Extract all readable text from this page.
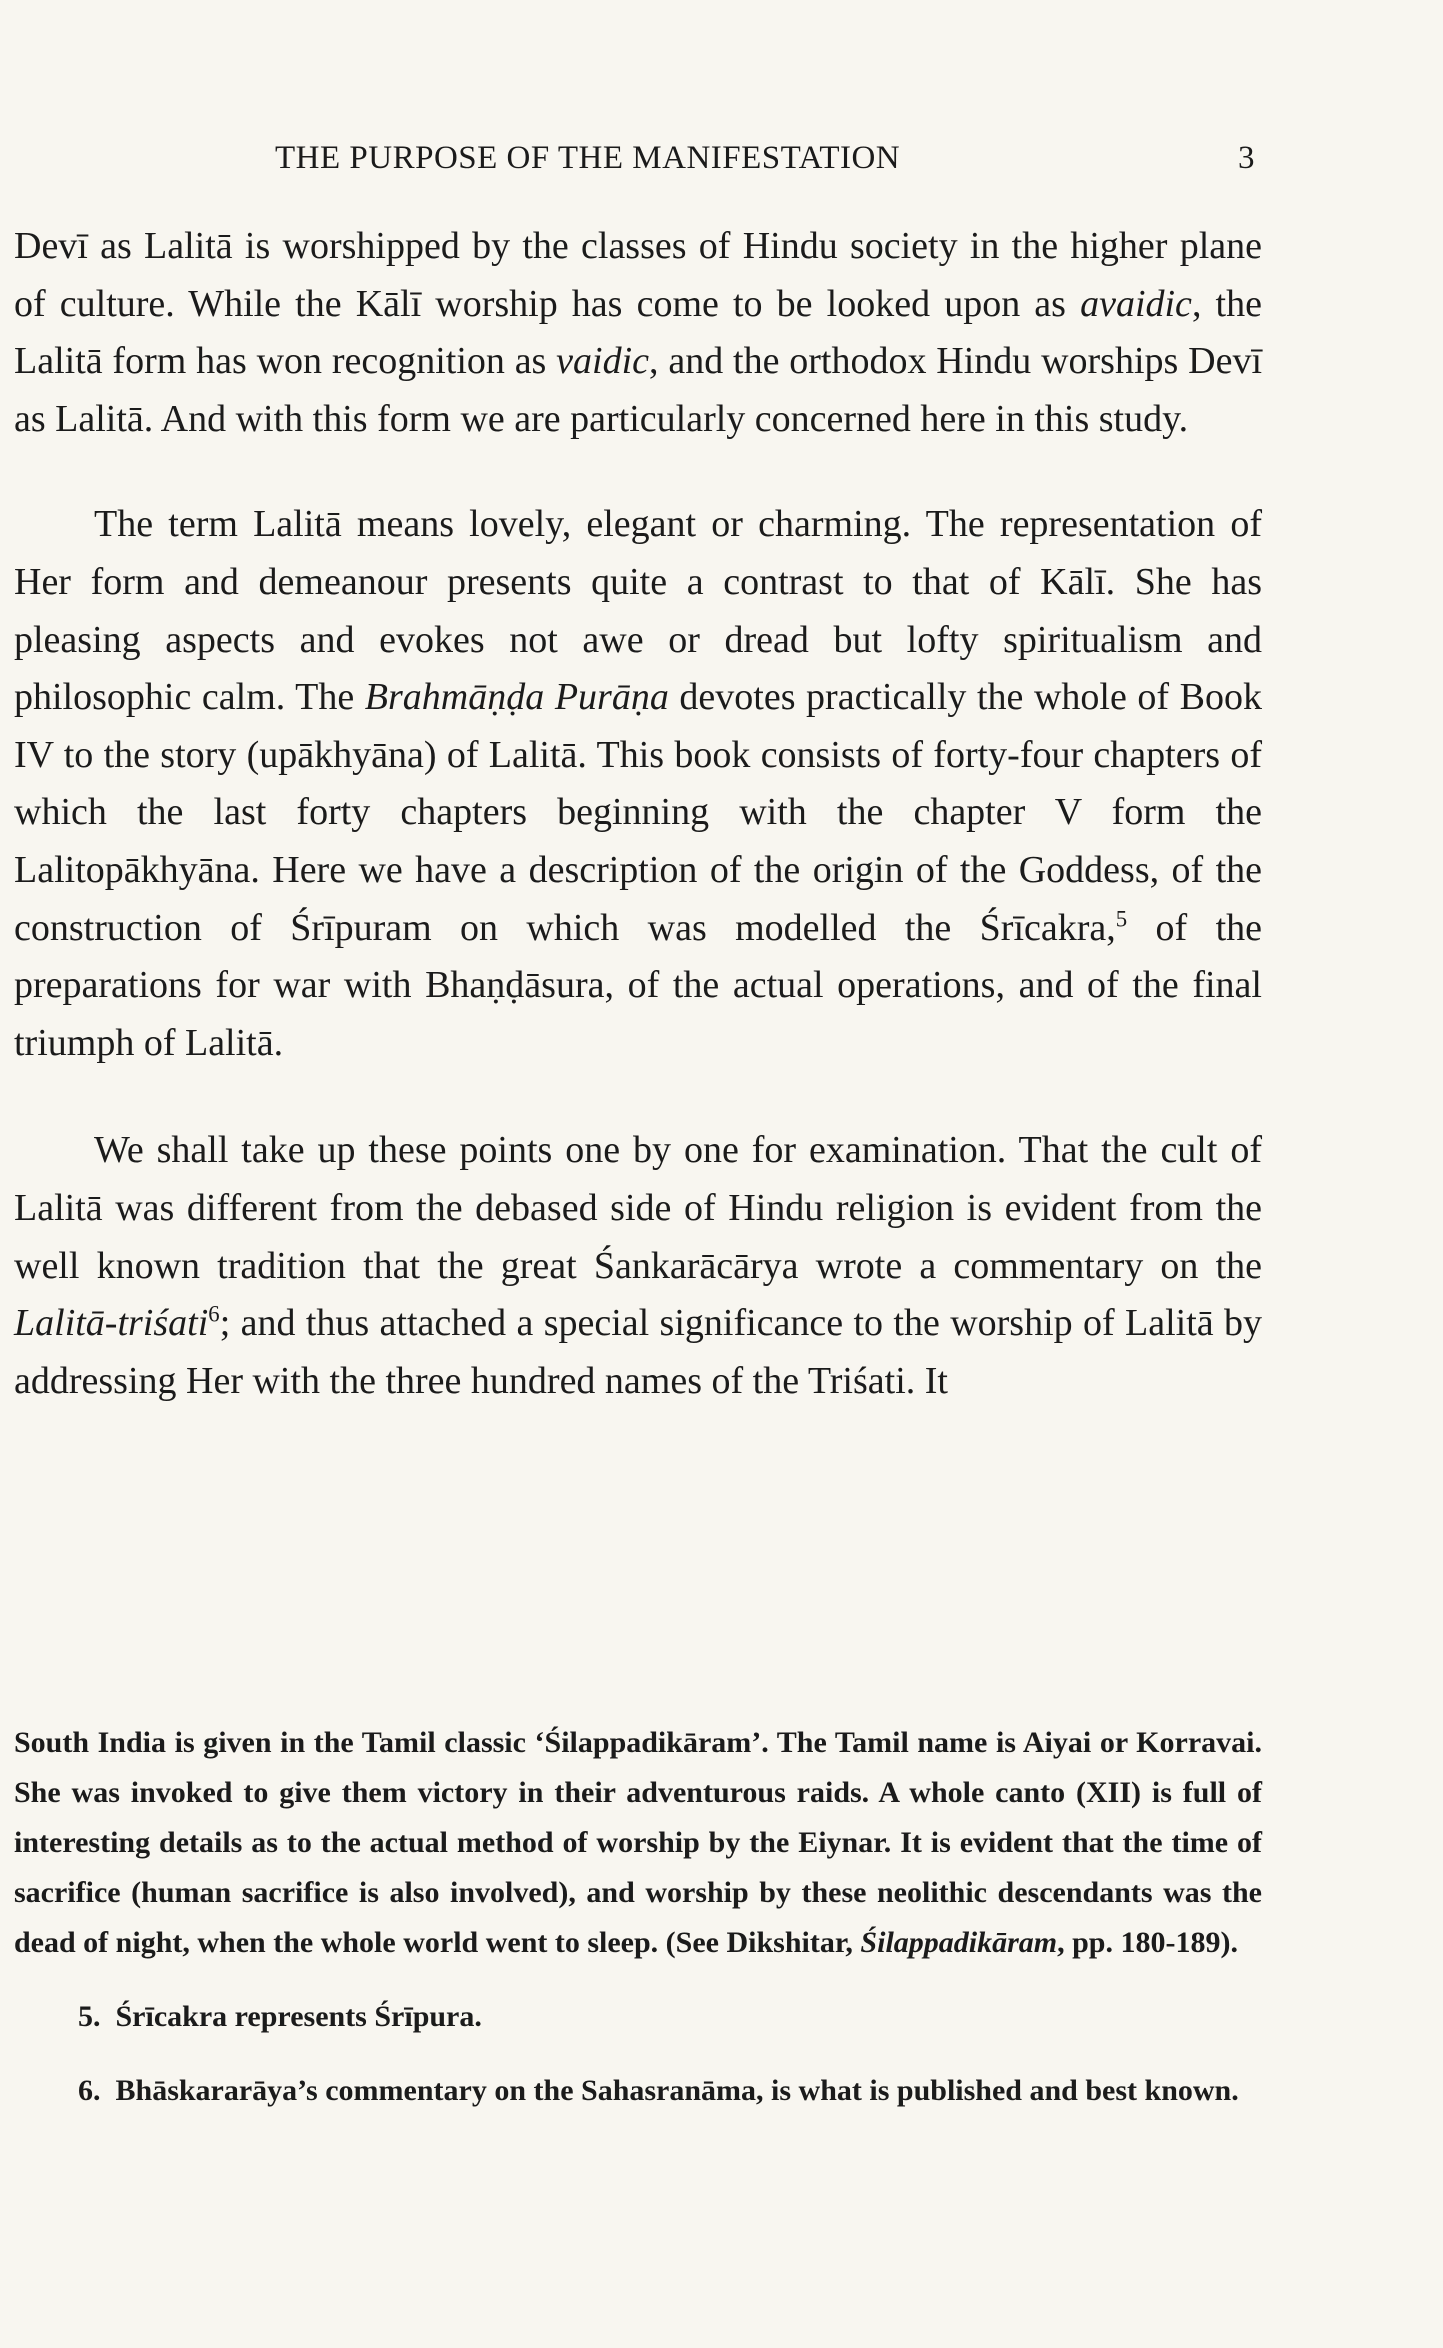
THE PURPOSE OF THE MANIFESTATION	3

Devī as Lalitā is worshipped by the classes of Hindu society in the higher plane of culture. While the Kālī worship has come to be looked upon as avaidic, the Lalitā form has won recognition as vaidic, and the orthodox Hindu worships Devī as Lalitā. And with this form we are particularly concerned here in this study.

The term Lalitā means lovely, elegant or charming. The representation of Her form and demeanour presents quite a contrast to that of Kālī. She has pleasing aspects and evokes not awe or dread but lofty spiritualism and philosophic calm. The Brahmāṇḍa Purāṇa devotes practically the whole of Book IV to the story (upākhyāna) of Lalitā. This book consists of forty-four chapters of which the last forty chapters beginning with the chapter V form the Lalitopākhyāna. Here we have a description of the origin of the Goddess, of the construction of Śrīpuram on which was modelled the Śrīcakra,$^5$ of the preparations for war with Bhaṇḍāsura, of the actual operations, and of the final triumph of Lalitā.

We shall take up these points one by one for examination. That the cult of Lalitā was different from the debased side of Hindu religion is evident from the well known tradition that the great Śankarācārya wrote a commentary on the Lalitā-triśati$^6$; and thus attached a special significance to the worship of Lalitā by addressing Her with the three hundred names of the Triśati. It

South India is given in the Tamil classic ‘Śilappadikāram’. The Tamil name is Aiyai or Korravai. She was invoked to give them victory in their adventurous raids. A whole canto (XII) is full of interesting details as to the actual method of worship by the Eiynar. It is evident that the time of sacrifice (human sacrifice is also involved), and worship by these neolithic descendants was the dead of night, when the whole world went to sleep. (See Dikshitar, Śilappadikāram, pp. 180-189).

5. Śrīcakra represents Śrīpura.

6. Bhāskararāya’s commentary on the Sahasranāma, is what is published and best known.
